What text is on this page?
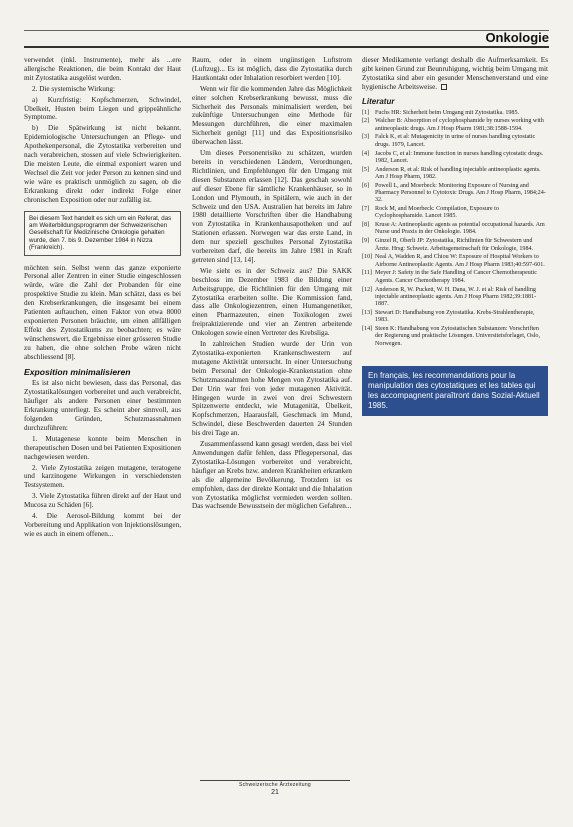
Onkologie

verwendet (inkl. Instrumente), mehr als ...ere allergische Reaktionen, die beim Kontakt der Haut mit Zytostatika ausgelöst wurden.

2. Die systemische Wirkung:

a) Kurzfristig: Kopfschmerzen, Schwindel, Übelkeit, Husten beim Liegen und grippeähnliche Symptome.

b) Die Spätwirkung ist nicht bekannt. Epidemiologische Untersuchungen an Pflege- und Apothekenpersonal, die Zytostatika verbereiten und nach verabreichen, stossen auf viele Schwierigkeiten. Die meisten Leute, die einmal exponiert waren und Wechsel die Zeit vor jeder Person zu kennen sind und wie wäre es praktisch unmöglich zu sagen, ob die Erkrankung direkt oder indirekt Folge einer chronischen Exposition oder nur zufällig ist.

Bei diesem Text handelt es sich um ein Referat, das am Weiterbildungsprogramm der Schweizerischen Gesellschaft für Medizinische Onkologie gehalten wurde, den 7. bis 9. Dezember 1984 in Nizza (Frankreich).

möchten sein. Selbst wenn das ganze exponierte Personal aller Zentren in einer Studie eingeschlossen würde, wäre die Zahl der Probanden für eine prospektive Studie zu klein. Man schätzt, dass es bei den Krebserkrankungen, die insgesamt bei einem Patienten auftauchen, einen Faktor von etwa 8000 exponierten Personen bräuchte, um einen allfälligen Effekt des Zytostatikums zu beobachten; es wäre wünschenswert, die Ergebnisse einer grösseren Studie zu haben, die ohne solchen Probe wären nicht abschliessend [8].

Exposition minimalisieren

Es ist also nicht bewiesen, dass das Personal, das Zytostatikalösungen vorbereitet und auch verabreicht, häufiger als andere Personen einer bestimmten Erkrankung unterliegt. Es scheint aber sinnvoll, aus folgenden Gründen, Schutzmassnahmen durchzuführen:

1. Mutagenese konnte beim Menschen in therapeutischen Dosen und bei Patienten Expositionen nachgewiesen werden.

2. Viele Zytostatika zeigen mutagene, teratogene und karzinogene Wirkungen in verschiedensten Testsystemen.

3. Viele Zytostatika führen direkt auf der Haut und Mucosa zu Schäden [6].

4. Die Aerosol-Bildung kommt bei der Vorbereitung und Applikation von Injektionslösungen, wie es auch in einem offenen...

Raum, oder in einem ungünstigen Luftstrom (Luftzug)... Es ist möglich, dass die Zytostatika durch Hautkontakt oder Inhalation resorbiert werden [10].

Wenn wir für die kommenden Jahre das Möglichkeit einer solchen Krebserkrankung bewusst, muss die Sicherheit des Personals minimalisiert werden, bei zukünftige Untersuchungen eine Methode für Messungen durchführen, die einer maximalen Sicherheit genügt [11] und das Expositionsrisiko überwachen lässt.

Um dieses Personenrisiko zu schätzen, wurden bereits in verschiedenen Ländern, Verordnungen, Richtlinien, und Empfehlungen für den Umgang mit diesen Substanzen erlassen [12]. Das geschah sowohl auf dieser Ebene für sämtliche Krankenhäuser, so in London und Plymouth, in Spitälern, wie auch in der Schweiz und den USA. Australien hat bereits im Jahre 1980 detaillierte Vorschriften über die Handhabung von Zytostatika in Krankenhausapotheken und auf Stationen erlassen. Norwegen war das erste Land, in dem nur speziell geschultes Personal Zytostatika vorbereiten darf, die bereits im Jahre 1981 in Kraft getreten sind [13, 14].

Wie sieht es in der Schweiz aus? Die SAKK beschloss im Dezember 1983 die Bildung einer Arbeitsgruppe, die Richtlinien für den Umgang mit Zytostatika erarbeiten sollte. Die Kommission fand, dass alle Onkologiezentren, einen Humangenetiker, einen Pharmazeuten, einen Toxikologen zwei freipraktizierende und vier an Zentren arbeitende Onkologen sowie einen Vertreter des Krebsliga.

In zahlreichen Studien wurde der Urin von Zytostatika-exponierten Krankenschwestern auf mutagene Aktivität untersucht. In einer Untersuchung beim Personal der Onkologie-Krankenstation ohne Schutzmassnahmen hohe Mengen von Zytostatika auf. Der Urin war frei von jeder mutagenen Aktivität. Hingegen wurde in zwei von drei Schwestern Spitzenwerte entdeckt, wie Mutagenität, Übelkeit, Kopfschmerzen, Haarausfall, Geschmack im Mund, Schwindel, diese Beschwerden dauerten 24 Stunden bis drei Tage an.

Zusammenfassend kann gesagt werden, dass bei viel Anwendungen dafür fehlen, dass Pflegepersonal, das Zytostatika-Lösungen vorbereitet und verabreicht, häufiger an Krebs bzw. anderen Krankheiten erkranken als die allgemeine Bevölkerung. Trotzdem ist es empfohlen, dass der direkte Kontakt und die Inhalation von Zytostatika möglichst vermieden werden sollten. Das wachsende Bewusstsein der möglichen Gefahren...

dieser Medikamente verlangt deshalb die Aufmerksamkeit. Es gibt keinen Grund zur Beunruhigung, wichtig beim Umgang mit Zytostatika sind aber ein gesunder Menschenverstand und eine hygienische Arbeitsweise.

Literatur
[1] Fuchs HR: Sicherheit beim Umgang mit Zytostatika. 1985.
[2] Walcher B: Absorption of cyclophosphamide by nurses working with antineoplastic drugs. Am J Hosp Pharm 1981;38:1588-1594.
[3] Falck K, et al: Mutagenicity in urine of nurses handling cytostatic drugs. 1979, Lancet.
[4] Jacobs C, et al: Immune function in nurses handling cytostatic drugs. 1982, Lancet.
[5] Anderson R, et al: Risk of handling injectable antineoplastic agents. Am J Hosp Pharm, 1982.
[6] Powell L, and Moerbeck: Monitoring Exposure of Nursing and Pharmacy Personnel to Cytotoxic Drugs. Am J Hosp Pharm, 1984;24-32.
[7] Rock M, and Moerbeck: Compilation, Exposure to Cyclophosphamide. Lancet 1985.
[8] Kruse A: Antineoplastic agents as potential occupational hazards. Am Nurse und Praxis in der Onkologie. 1984.
[9] Ginzel R, Oberli JP: Zytostatika, Richtlinien für Schwestern und Ärzte. Hrsg: Schweiz. Arbeitsgemeinschaft für Onkologie, 1984.
[10] Neal A, Wadden R, and Chiou W: Exposure of Hospital Workers to Airborne Antineoplastic Agents. Am J Hosp Pharm 1983;40:597-601.
[11] Meyer J: Safety in the Safe Handling of Cancer Chemotherapeutic Agents. Cancer Chemotherapy 1984.
[12] Anderson R, W. Puckett, W. H. Dana, W. J. et al: Risk of handling injectable antineoplastic agents. Am J Hosp Pharm 1982;39:1881-1887.
[13] Stewart D: Handhabung von Zytostatika. Krebs-Strahlentherapie, 1983.
[14] Steen K: Handhabung von Zytostatischen Substanzen: Vorschriften der Regierung und praktische Lösungen. Universitetsforlaget, Oslo, Norwegen.
En français, les recommandations pour la manipulation des cytostatiques et les tables qui les accompagnent paraîtront dans Sozial-Aktuell 1985.
Schweizerische Ärztezeitung
21
